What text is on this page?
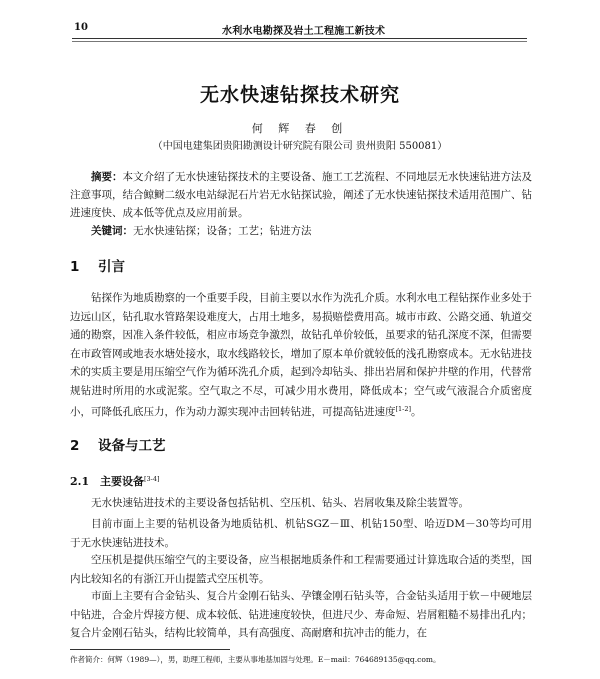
10	水利水电勘探及岩土工程施工新技术
无水快速钻探技术研究
何 辉 春 创
（中国电建集团贵阳勘测设计研究院有限公司 贵州贵阳 550081）
摘要：本文介绍了无水快速钻探技术的主要设备、施工工艺流程、不同地层无水快速钻进方法及注意事项，结合鲸鲥二级水电站绿泥石片岩无水钻探试验，阐述了无水快速钻探技术适用范围广、钻进速度快、成本低等优点及应用前景。
关键词：无水快速钻探；设备；工艺；钻进方法
1 引言
钻探作为地质勘察的一个重要手段，目前主要以水作为洗孔介质。水利水电工程钻探作业多处于边远山区，钻孔取水管路架设难度大，占用土地多，易损赔偿费用高。城市市政、公路交通、轨道交通的勘察，因准入条件较低，相应市场竞争激烈，故钻孔单价较低，虽要求的钻孔深度不深，但需要在市政管网或地表水塘处接水，取水线路较长，增加了原本单价就较低的浅孔勘察成本。无水钻进技术的实质主要是用压缩空气作为循环洗孔介质，起到冷却钻头、排出岩屑和保护井壁的作用，代替常规钻进时所用的水或泥浆。空气取之不尽，可减少用水费用，降低成本；空气或气液混合介质密度小，可降低孔底压力，作为动力源实现冲击回转钻进，可提高钻进速度[1-2]。
2 设备与工艺
2.1 主要设备[3-4]
无水快速钻进技术的主要设备包括钻机、空压机、钻头、岩屑收集及除尘装置等。
目前市面上主要的钻机设备为地质钻机、机钻SGZ－Ⅲ、机钻150型、哈迈DM－30等均可用于无水快速钻进技术。
空压机是提供压缩空气的主要设备，应当根据地质条件和工程需要通过计算选取合适的类型，国内比较知名的有浙江开山提篮式空压机等。
市面上主要有合金钻头、复合片金刚石钻头、孕镶金刚石钻头等，合金钻头适用于软－中硬地层中钻进，合金片焊接方便、成本较低、钻进速度较快，但进尺少、寿命短、岩屑粗糙不易排出孔内；复合片金刚石钻头，结构比较简单，具有高强度、高耐磨和抗冲击的能力，在
作者简介：何辉（1989—），男，助理工程师，主要从事地基加固与处理。E－mail：764689135@qq.com。
